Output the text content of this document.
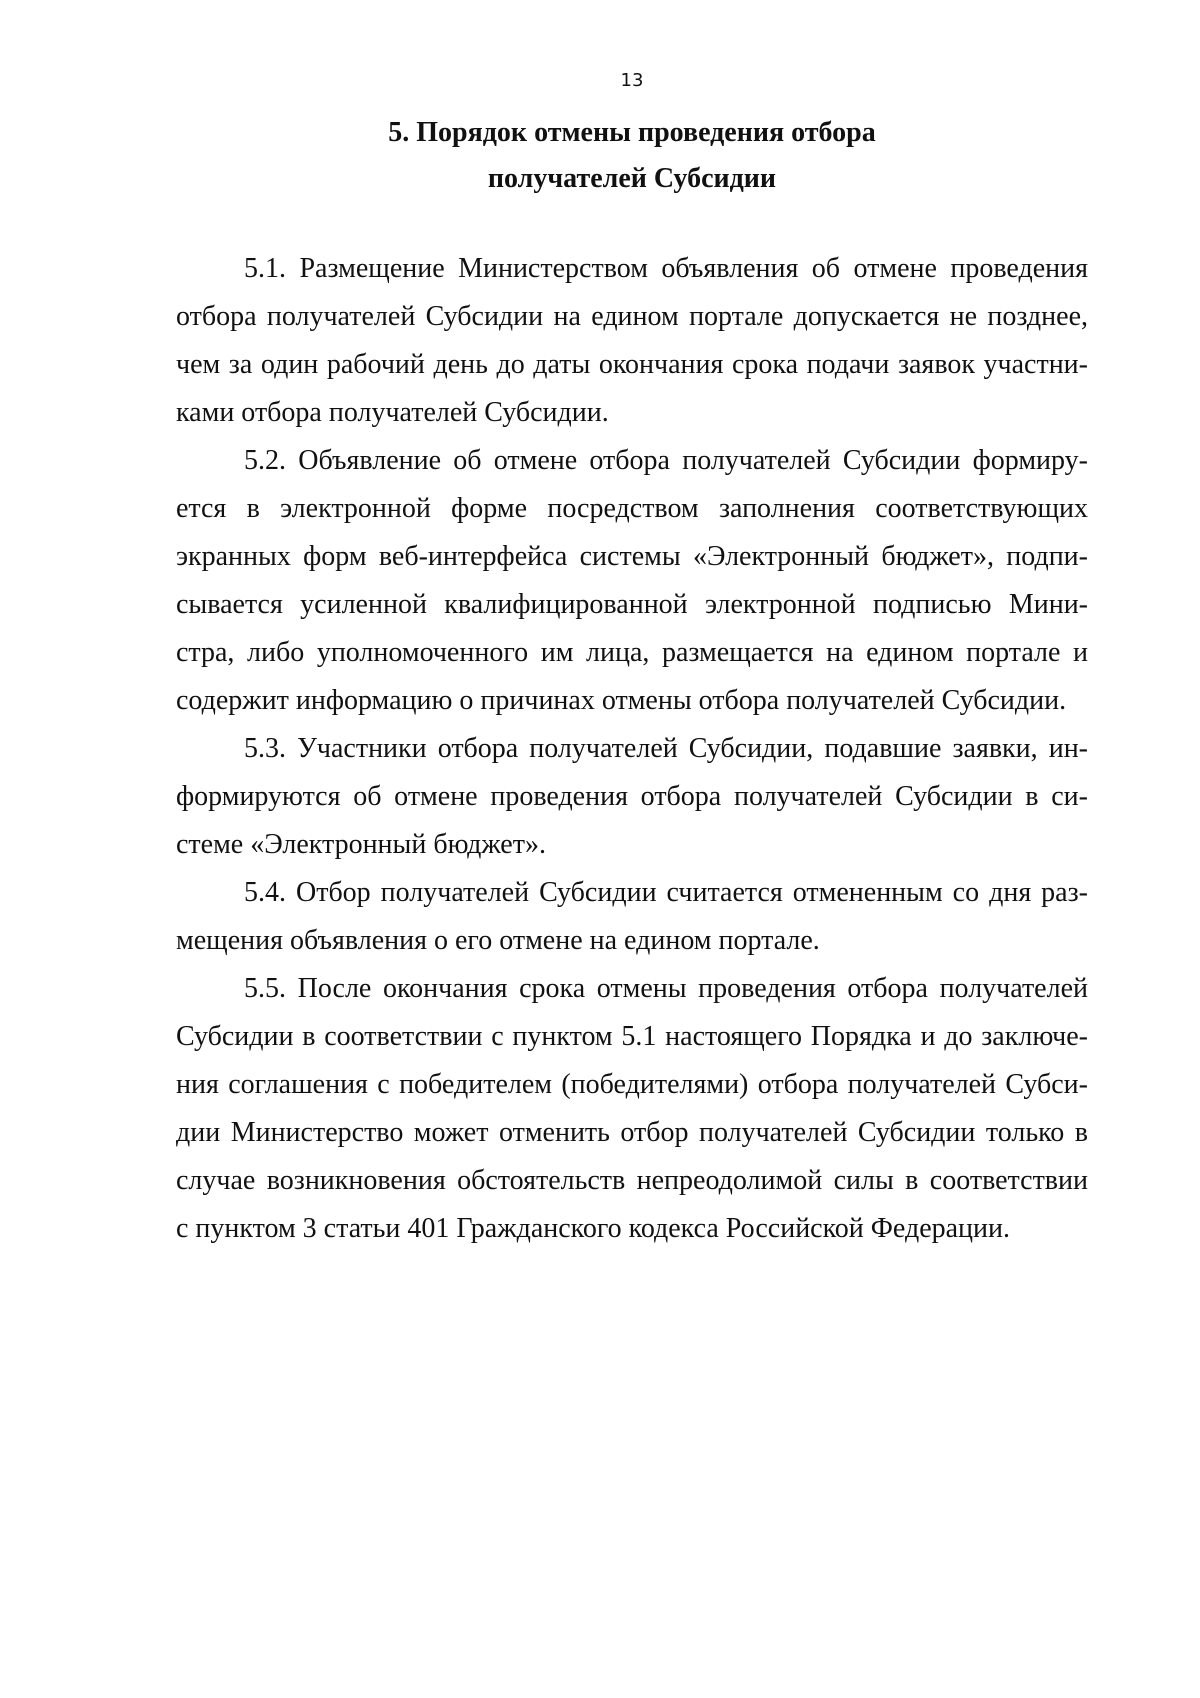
13
5. Порядок отмены проведения отбора
получателей Субсидии
5.1. Размещение Министерством объявления об отмене проведения
отбора получателей Субсидии на едином портале допускается не позднее,
чем за один рабочий день до даты окончания срока подачи заявок участни-
ками отбора получателей Субсидии.
5.2. Объявление об отмене отбора получателей Субсидии формиру-
ется в электронной форме посредством заполнения соответствующих
экранных форм веб-интерфейса системы «Электронный бюджет», подпи-
сывается усиленной квалифицированной электронной подписью Мини-
стра, либо уполномоченного им лица, размещается на едином портале и
содержит информацию о причинах отмены отбора получателей Субсидии.
5.3. Участники отбора получателей Субсидии, подавшие заявки, ин-
формируются об отмене проведения отбора получателей Субсидии в си-
стеме «Электронный бюджет».
5.4. Отбор получателей Субсидии считается отмененным со дня раз-
мещения объявления о его отмене на едином портале.
5.5. После окончания срока отмены проведения отбора получателей
Субсидии в соответствии с пунктом 5.1 настоящего Порядка и до заключе-
ния соглашения с победителем (победителями) отбора получателей Субси-
дии Министерство может отменить отбор получателей Субсидии только в
случае возникновения обстоятельств непреодолимой силы в соответствии
с пунктом 3 статьи 401 Гражданского кодекса Российской Федерации.
